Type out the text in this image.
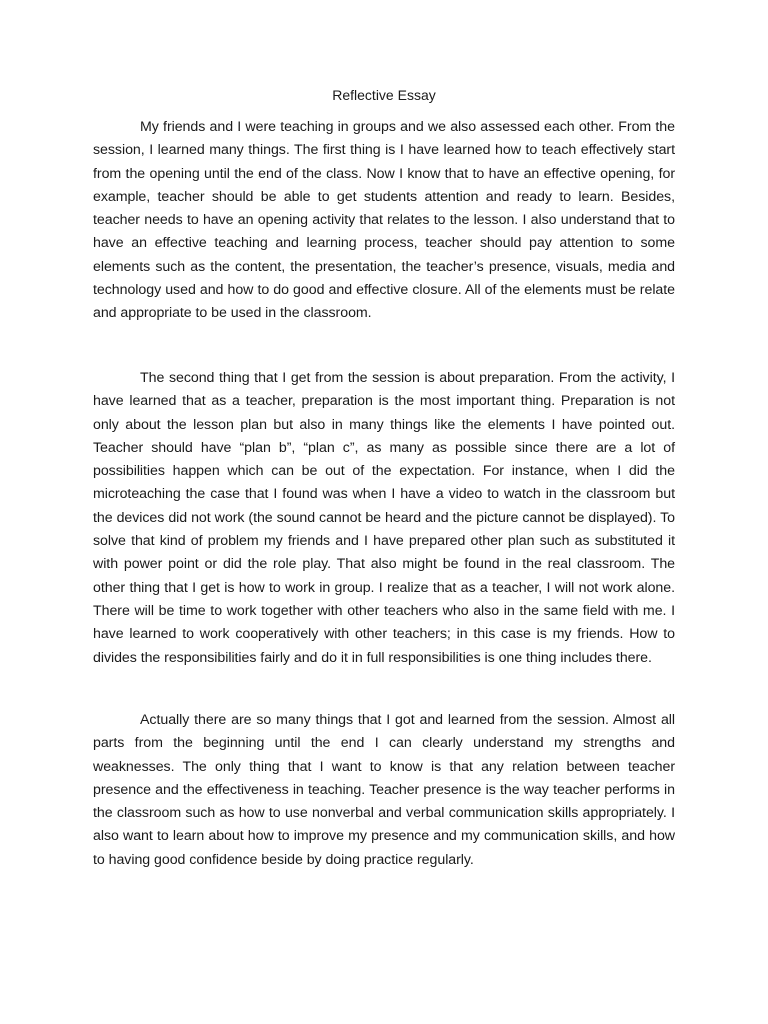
Reflective Essay

My friends and I were teaching in groups and we also assessed each other. From the session, I learned many things. The first thing is I have learned how to teach effectively start from the opening until the end of the class. Now I know that to have an effective opening, for example, teacher should be able to get students attention and ready to learn. Besides, teacher needs to have an opening activity that relates to the lesson. I also understand that to have an effective teaching and learning process, teacher should pay attention to some elements such as the content, the presentation, the teacher’s presence, visuals, media and technology used and how to do good and effective closure. All of the elements must be relate and appropriate to be used in the classroom.

The second thing that I get from the session is about preparation. From the activity, I have learned that as a teacher, preparation is the most important thing. Preparation is not only about the lesson plan but also in many things like the elements I have pointed out. Teacher should have “plan b”, “plan c”, as many as possible since there are a lot of possibilities happen which can be out of the expectation. For instance, when I did the microteaching the case that I found was when I have a video to watch in the classroom but the devices did not work (the sound cannot be heard and the picture cannot be displayed). To solve that kind of problem my friends and I have prepared other plan such as substituted it with power point or did the role play. That also might be found in the real classroom. The other thing that I get is how to work in group. I realize that as a teacher, I will not work alone. There will be time to work together with other teachers who also in the same field with me. I have learned to work cooperatively with other teachers; in this case is my friends. How to divides the responsibilities fairly and do it in full responsibilities is one thing includes there.

Actually there are so many things that I got and learned from the session. Almost all parts from the beginning until the end I can clearly understand my strengths and weaknesses. The only thing that I want to know is that any relation between teacher presence and the effectiveness in teaching. Teacher presence is the way teacher performs in the classroom such as how to use nonverbal and verbal communication skills appropriately. I also want to learn about how to improve my presence and my communication skills, and how to having good confidence beside by doing practice regularly.
